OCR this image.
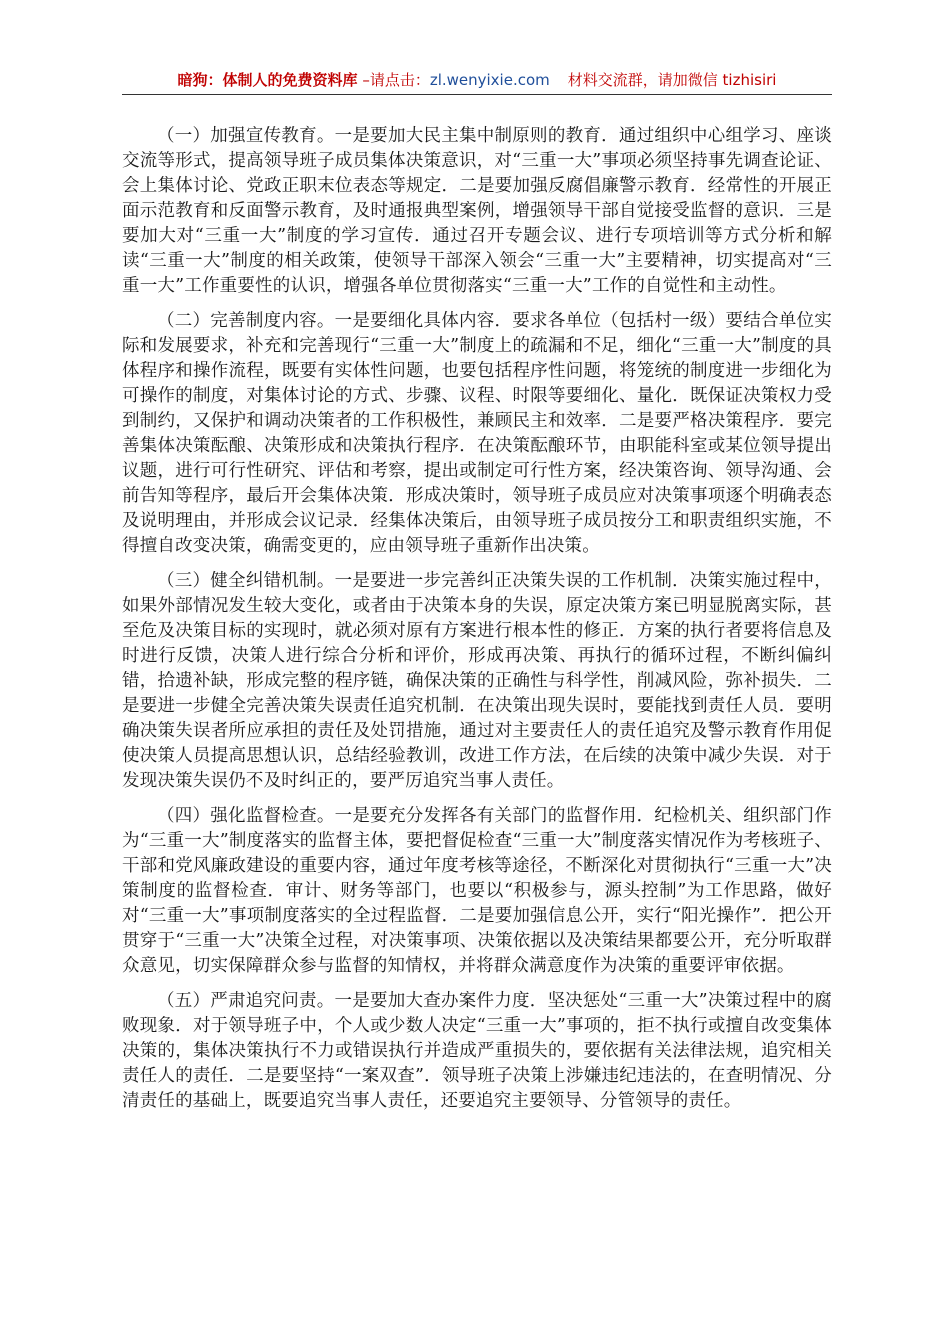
暗狗：体制人的免费资料库 –请点击：zl.wenyixie.com 材料交流群，请加微信 tizhisiri

（一）加强宣传教育。一是要加大民主集中制原则的教育．通过组织中心组学习、座谈交流等形式，提高领导班子成员集体决策意识，对“三重一大”事项必须坚持事先调查论证、会上集体讨论、党政正职末位表态等规定．二是要加强反腐倡廉警示教育．经常性的开展正面示范教育和反面警示教育，及时通报典型案例，增强领导干部自觉接受监督的意识．三是要加大对“三重一大”制度的学习宣传．通过召开专题会议、进行专项培训等方式分析和解读“三重一大”制度的相关政策，使领导干部深入领会“三重一大”主要精神，切实提高对“三重一大”工作重要性的认识，增强各单位贯彻落实“三重一大”工作的自觉性和主动性。

（二）完善制度内容。一是要细化具体内容．要求各单位（包括村一级）要结合单位实际和发展要求，补充和完善现行“三重一大”制度上的疏漏和不足，细化“三重一大”制度的具体程序和操作流程，既要有实体性问题，也要包括程序性问题，将笼统的制度进一步细化为可操作的制度，对集体讨论的方式、步骤、议程、时限等要细化、量化．既保证决策权力受到制约，又保护和调动决策者的工作积极性，兼顾民主和效率．二是要严格决策程序．要完善集体决策酝酿、决策形成和决策执行程序．在决策酝酿环节，由职能科室或某位领导提出议题，进行可行性研究、评估和考察，提出或制定可行性方案，经决策咨询、领导沟通、会前告知等程序，最后开会集体决策．形成决策时，领导班子成员应对决策事项逐个明确表态及说明理由，并形成会议记录．经集体决策后，由领导班子成员按分工和职责组织实施，不得擅自改变决策，确需变更的，应由领导班子重新作出决策。

（三）健全纠错机制。一是要进一步完善纠正决策失误的工作机制．决策实施过程中，如果外部情况发生较大变化，或者由于决策本身的失误，原定决策方案已明显脱离实际，甚至危及决策目标的实现时，就必须对原有方案进行根本性的修正．方案的执行者要将信息及时进行反馈，决策人进行综合分析和评价，形成再决策、再执行的循环过程，不断纠偏纠错，拾遗补缺，形成完整的程序链，确保决策的正确性与科学性，削减风险，弥补损失．二是要进一步健全完善决策失误责任追究机制．在决策出现失误时，要能找到责任人员．要明确决策失误者所应承担的责任及处罚措施，通过对主要责任人的责任追究及警示教育作用促使决策人员提高思想认识，总结经验教训，改进工作方法，在后续的决策中减少失误．对于发现决策失误仍不及时纠正的，要严厉追究当事人责任。

（四）强化监督检查。一是要充分发挥各有关部门的监督作用．纪检机关、组织部门作为“三重一大”制度落实的监督主体，要把督促检查“三重一大”制度落实情况作为考核班子、干部和党风廉政建设的重要内容，通过年度考核等途径，不断深化对贯彻执行“三重一大”决策制度的监督检查．审计、财务等部门，也要以“积极参与，源头控制”为工作思路，做好对“三重一大”事项制度落实的全过程监督．二是要加强信息公开，实行“阳光操作”．把公开贯穿于“三重一大”决策全过程，对决策事项、决策依据以及决策结果都要公开，充分听取群众意见，切实保障群众参与监督的知情权，并将群众满意度作为决策的重要评审依据。

（五）严肃追究问责。一是要加大查办案件力度．坚决惩处“三重一大”决策过程中的腐败现象．对于领导班子中，个人或少数人决定“三重一大”事项的，拒不执行或擅自改变集体决策的，集体决策执行不力或错误执行并造成严重损失的，要依据有关法律法规，追究相关责任人的责任．二是要坚持“一案双查”．领导班子决策上涉嫌违纪违法的，在查明情况、分清责任的基础上，既要追究当事人责任，还要追究主要领导、分管领导的责任。
